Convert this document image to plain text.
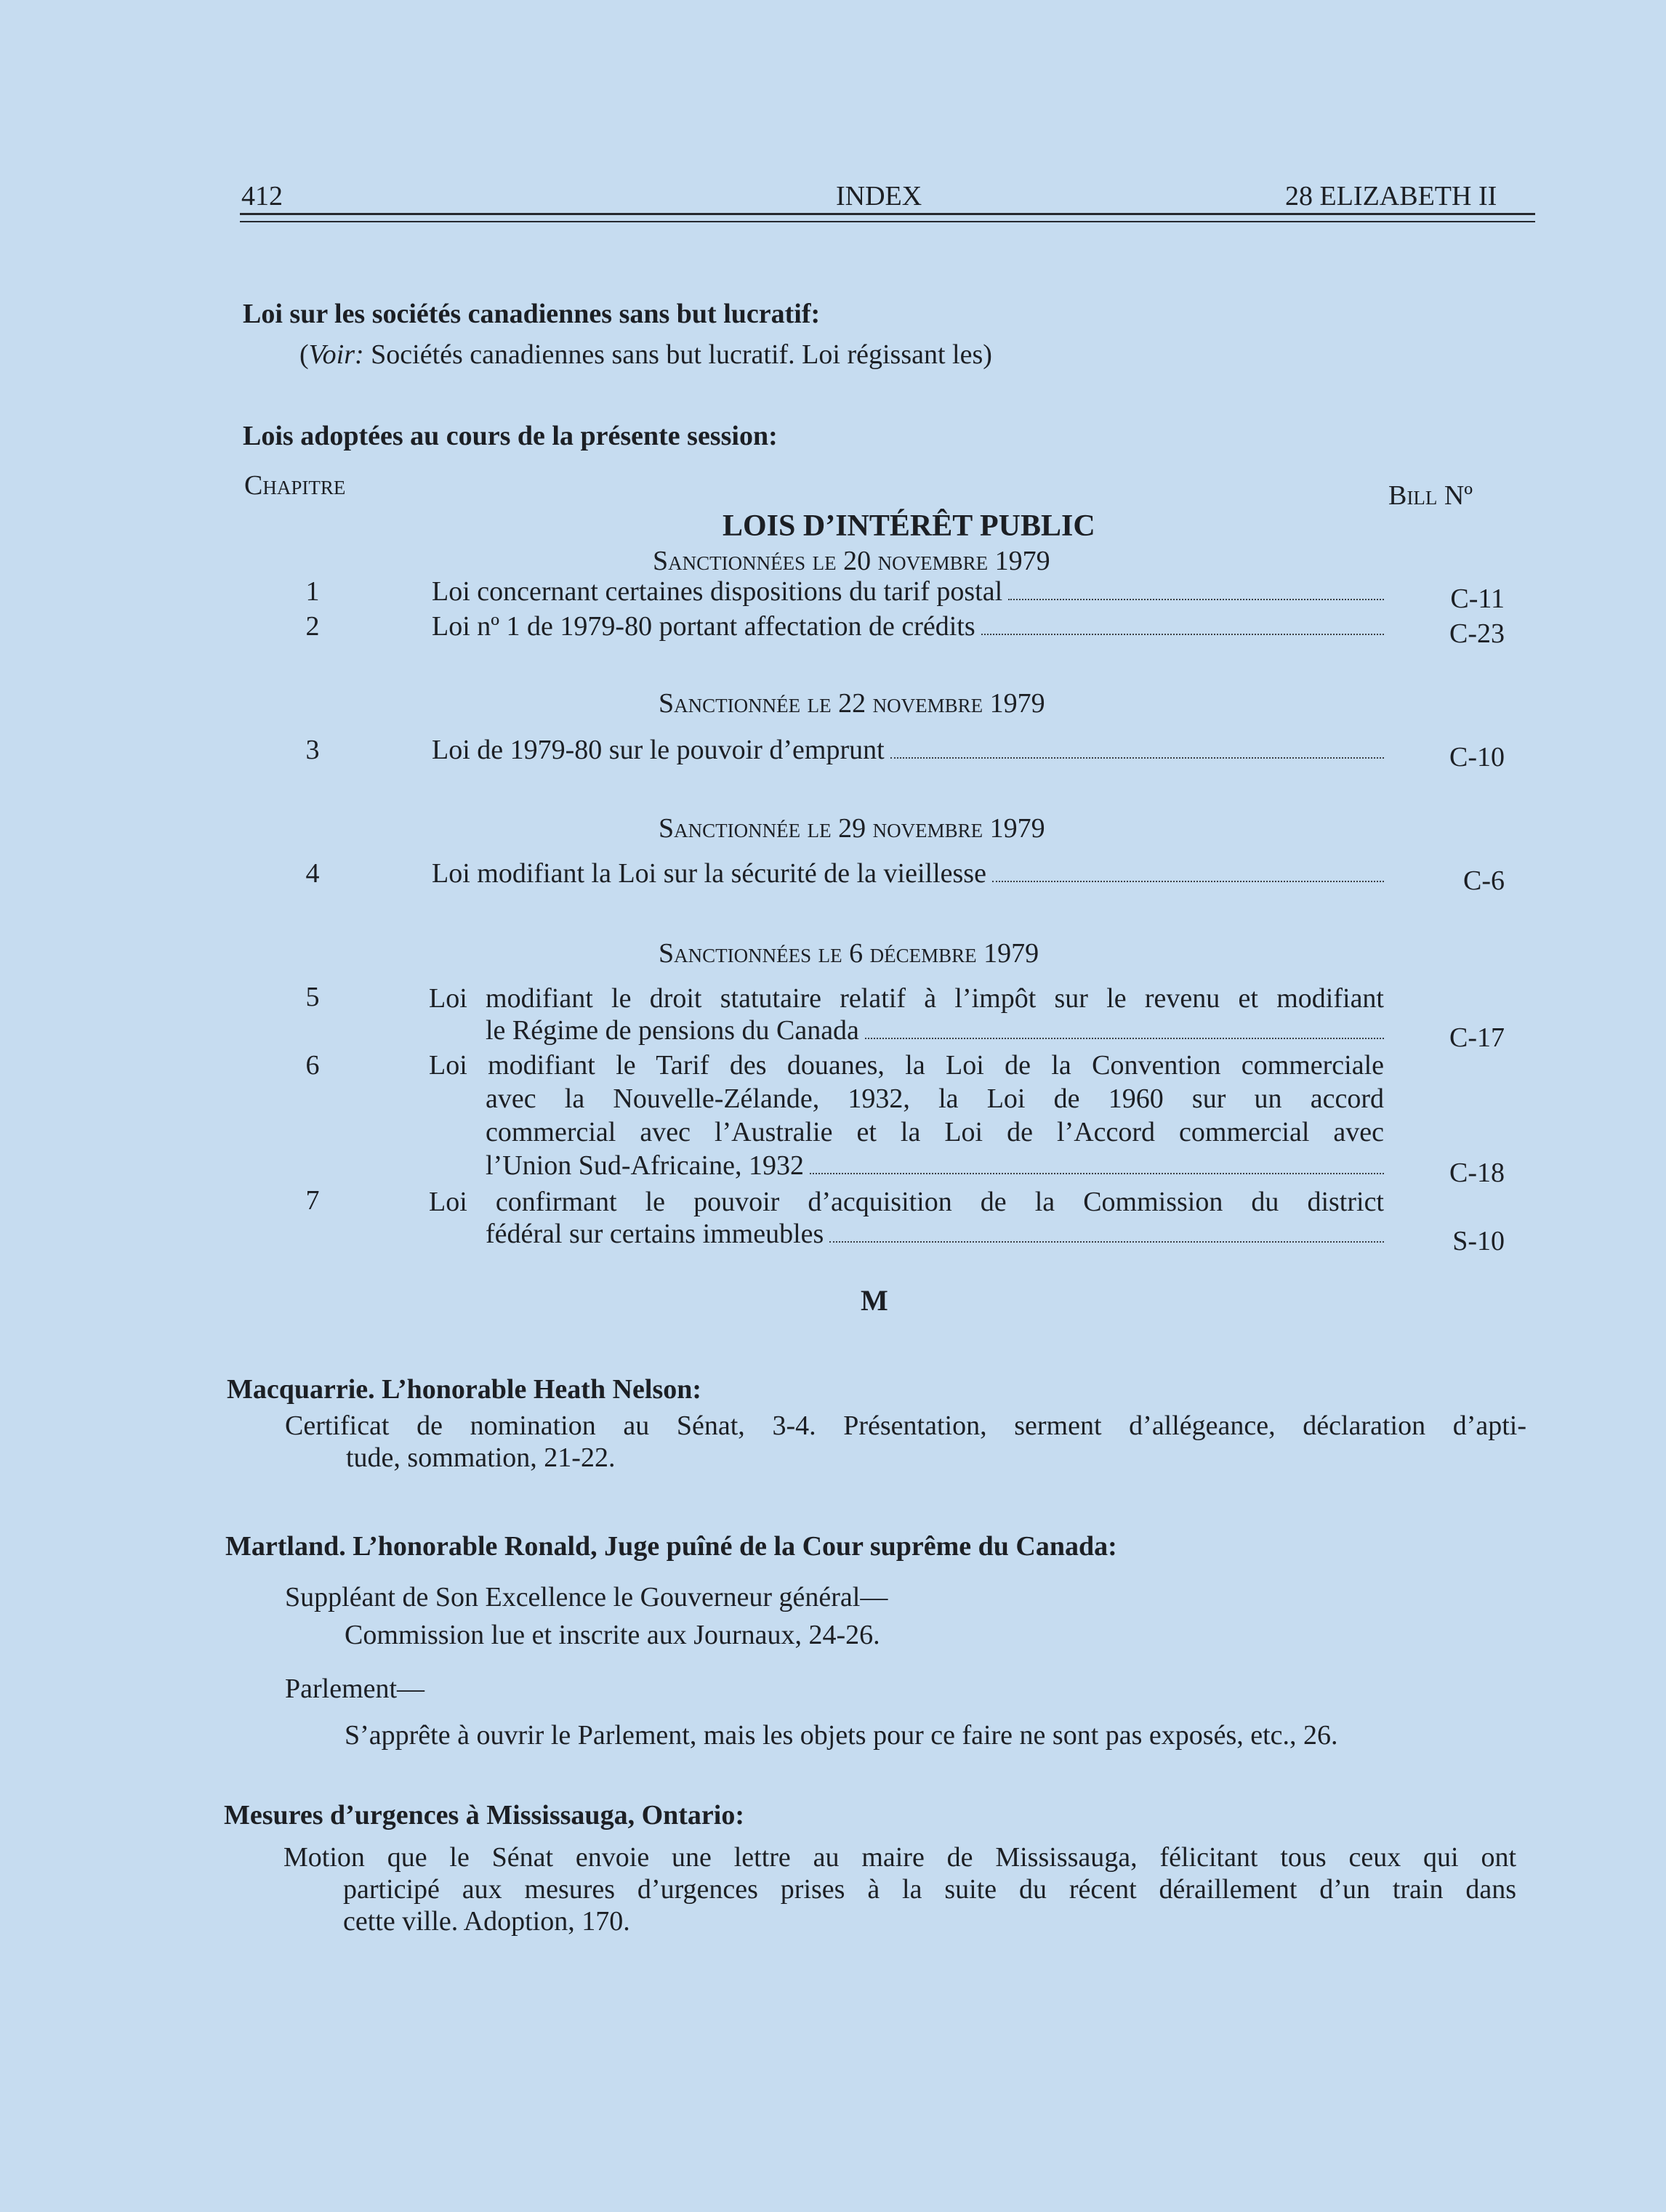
412	INDEX	28 ELIZABETH II
Loi sur les sociétés canadiennes sans but lucratif:
(Voir: Sociétés canadiennes sans but lucratif. Loi régissant les)
Lois adoptées au cours de la présente session:
Chapitre	Bill Nº
LOIS D’INTÉRÊT PUBLIC
Sanctionnées le 20 novembre 1979
1	Loi concernant certaines dispositions du tarif postal	C-11
2	Loi nº 1 de 1979-80 portant affectation de crédits	C-23
Sanctionnée le 22 novembre 1979
3	Loi de 1979-80 sur le pouvoir d’emprunt	C-10
Sanctionnée le 29 novembre 1979
4	Loi modifiant la Loi sur la sécurité de la vieillesse	C-6
Sanctionnées le 6 décembre 1979
5	Loi modifiant le droit statutaire relatif à l’impôt sur le revenu et modifiant
le Régime de pensions du Canada	C-17
6	Loi modifiant le Tarif des douanes, la Loi de la Convention commerciale
avec la Nouvelle-Zélande, 1932, la Loi de 1960 sur un accord
commercial avec l’Australie et la Loi de l’Accord commercial avec
l’Union Sud-Africaine, 1932	C-18
7	Loi confirmant le pouvoir d’acquisition de la Commission du district
fédéral sur certains immeubles	S-10
M
Macquarrie. L’honorable Heath Nelson:
Certificat de nomination au Sénat, 3-4. Présentation, serment d’allégeance, déclaration d’apti-
tude, sommation, 21-22.
Martland. L’honorable Ronald, Juge puîné de la Cour suprême du Canada:
Suppléant de Son Excellence le Gouverneur général—
Commission lue et inscrite aux Journaux, 24-26.
Parlement—
S’apprête à ouvrir le Parlement, mais les objets pour ce faire ne sont pas exposés, etc., 26.
Mesures d’urgences à Mississauga, Ontario:
Motion que le Sénat envoie une lettre au maire de Mississauga, félicitant tous ceux qui ont
participé aux mesures d’urgences prises à la suite du récent déraillement d’un train dans
cette ville. Adoption, 170.
